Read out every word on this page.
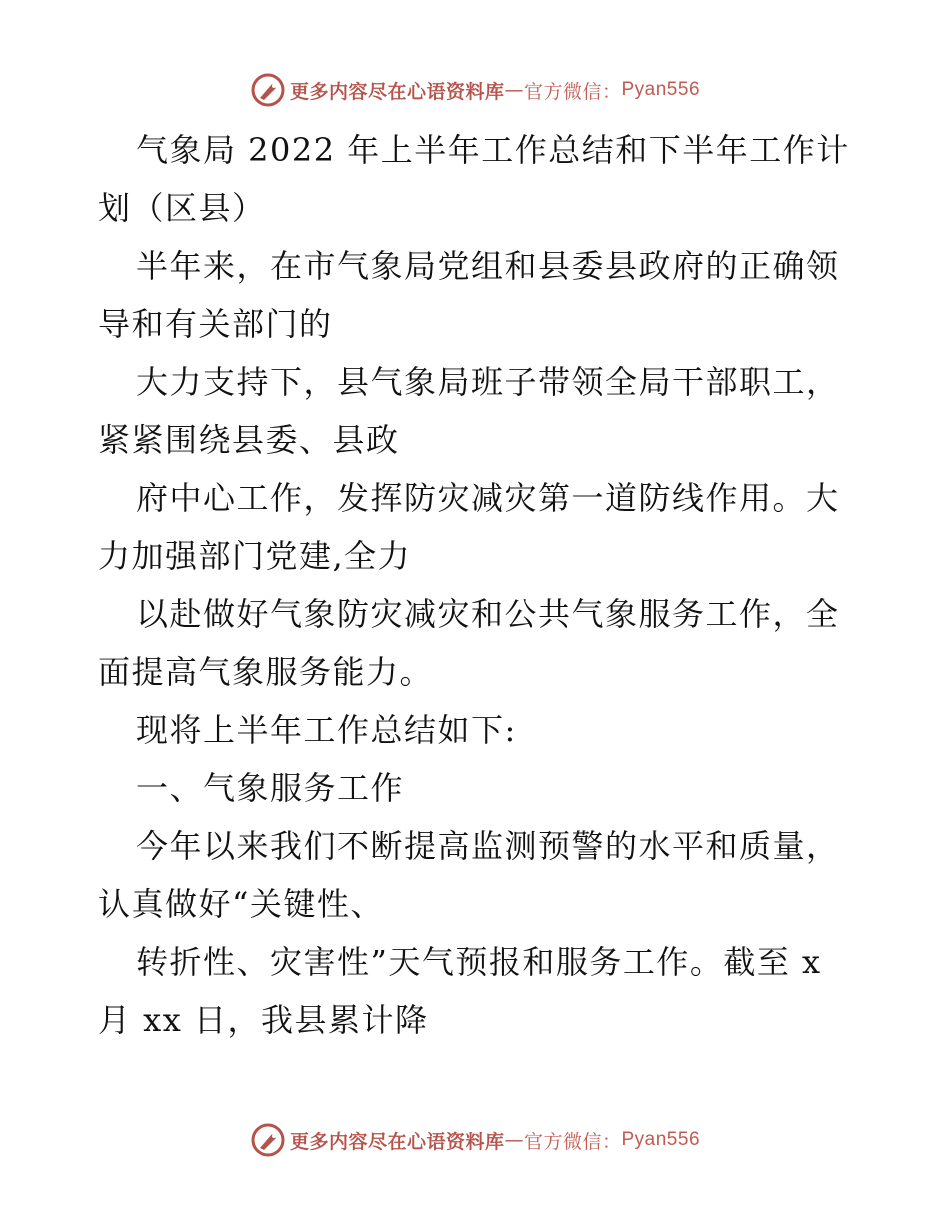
更多内容尽在心语资料库 — 官方微信： Pyan556
气象局 2022 年上半年工作总结和下半年工作计
划（区县）
半年来，在市气象局党组和县委县政府的正确领
导和有关部门的
大力支持下，县气象局班子带领全局干部职工，
紧紧围绕县委、县政
府中心工作，发挥防灾减灾第一道防线作用。大
力加强部门党建,全力
以赴做好气象防灾减灾和公共气象服务工作，全
面提高气象服务能力。
现将上半年工作总结如下:
一、气象服务工作
今年以来我们不断提高监测预警的水平和质量，
认真做好“关键性、
转折性、灾害性”天气预报和服务工作。截至 x
月 xx 日，我县累计降
更多内容尽在心语资料库 — 官方微信： Pyan556
